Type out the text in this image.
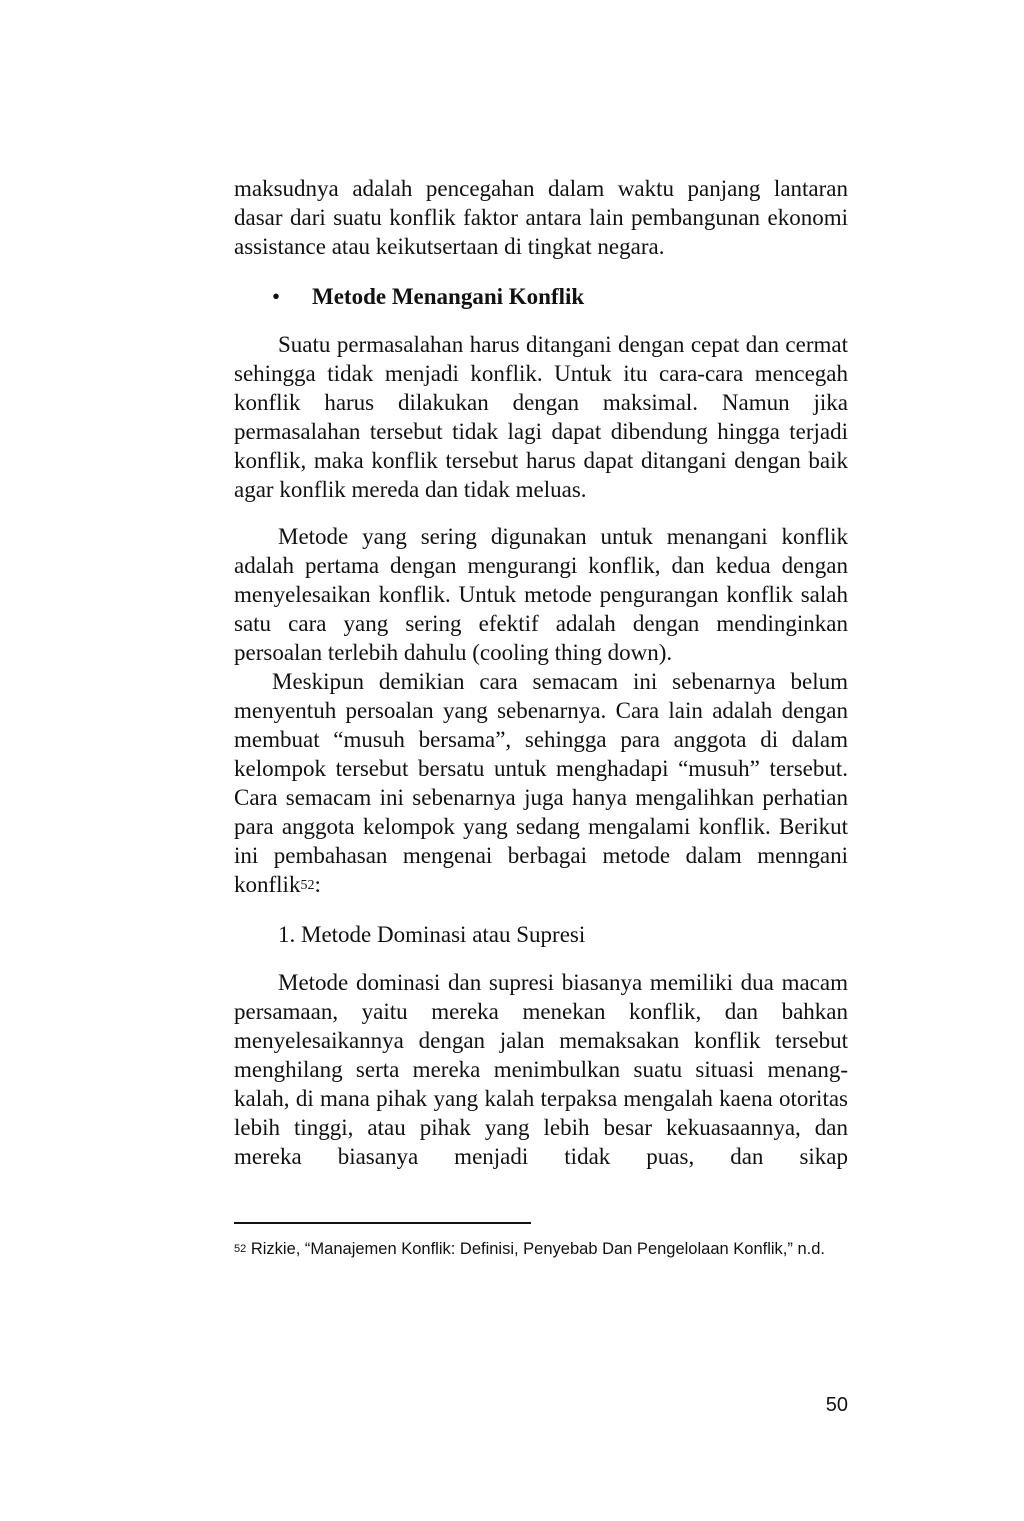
maksudnya adalah pencegahan dalam waktu panjang lantaran dasar dari suatu konflik faktor antara lain pembangunan ekonomi assistance atau keikutsertaan di tingkat negara.

•	Metode Menangani Konflik

Suatu permasalahan harus ditangani dengan cepat dan cermat sehingga tidak menjadi konflik. Untuk itu cara-cara mencegah konflik harus dilakukan dengan maksimal. Namun jika permasalahan tersebut tidak lagi dapat dibendung hingga terjadi konflik, maka konflik tersebut harus dapat ditangani dengan baik agar konflik mereda dan tidak meluas.

Metode yang sering digunakan untuk menangani konflik adalah pertama dengan mengurangi konflik, dan kedua dengan menyelesaikan konflik. Untuk metode pengurangan konflik salah satu cara yang sering efektif adalah dengan mendinginkan persoalan terlebih dahulu (cooling thing down).

Meskipun demikian cara semacam ini sebenarnya belum menyentuh persoalan yang sebenarnya. Cara lain adalah dengan membuat “musuh bersama”, sehingga para anggota di dalam kelompok tersebut bersatu untuk menghadapi “musuh” tersebut. Cara semacam ini sebenarnya juga hanya mengalihkan perhatian para anggota kelompok yang sedang mengalami konflik. Berikut ini pembahasan mengenai berbagai metode dalam menngani konflik$^{52}$:

1. Metode Dominasi atau Supresi

Metode dominasi dan supresi biasanya memiliki dua macam persamaan, yaitu mereka menekan konflik, dan bahkan menyelesaikannya dengan jalan memaksakan konflik tersebut menghilang serta mereka menimbulkan suatu situasi menang-kalah, di mana pihak yang kalah terpaksa mengalah kaena otoritas lebih tinggi, atau pihak yang lebih besar kekuasaannya, dan mereka biasanya menjadi tidak puas, dan sikap

$^{52}$ Rizkie, “Manajemen Konflik: Definisi, Penyebab Dan Pengelolaan Konflik,” n.d.
50
